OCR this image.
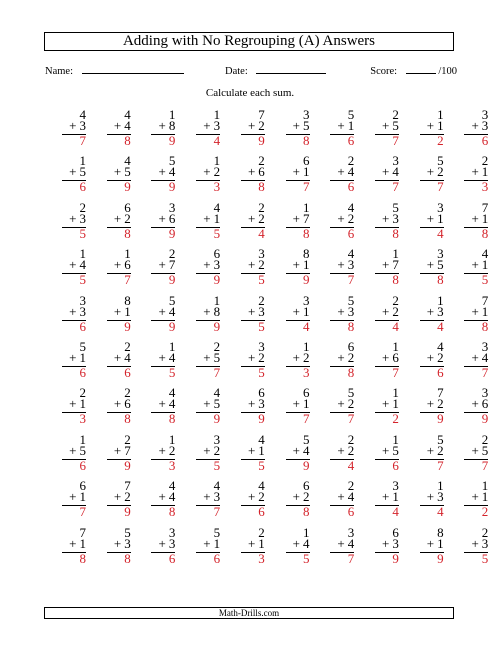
Adding with No Regrouping (A) Answers
Name:	Date:	Score:	/100
Calculate each sum.
4
+ 3
7
4
+ 4
8
1
+ 8
9
1
+ 3
4
7
+ 2
9
3
+ 5
8
5
+ 1
6
2
+ 5
7
1
+ 1
2
3
+ 3
6
1
+ 5
6
4
+ 5
9
5
+ 4
9
1
+ 2
3
2
+ 6
8
6
+ 1
7
2
+ 4
6
3
+ 4
7
5
+ 2
7
2
+ 1
3
2
+ 3
5
6
+ 2
8
3
+ 6
9
4
+ 1
5
2
+ 2
4
1
+ 7
8
4
+ 2
6
5
+ 3
8
3
+ 1
4
7
+ 1
8
1
+ 4
5
1
+ 6
7
2
+ 7
9
6
+ 3
9
3
+ 2
5
8
+ 1
9
4
+ 3
7
1
+ 7
8
3
+ 5
8
4
+ 1
5
3
+ 3
6
8
+ 1
9
5
+ 4
9
1
+ 8
9
2
+ 3
5
3
+ 1
4
5
+ 3
8
2
+ 2
4
1
+ 3
4
7
+ 1
8
5
+ 1
6
2
+ 4
6
1
+ 4
5
2
+ 5
7
3
+ 2
5
1
+ 2
3
6
+ 2
8
1
+ 6
7
4
+ 2
6
3
+ 4
7
2
+ 1
3
2
+ 6
8
4
+ 4
8
4
+ 5
9
6
+ 3
9
6
+ 1
7
5
+ 2
7
1
+ 1
2
7
+ 2
9
3
+ 6
9
1
+ 5
6
2
+ 7
9
1
+ 2
3
3
+ 2
5
4
+ 1
5
5
+ 4
9
2
+ 2
4
1
+ 5
6
5
+ 2
7
2
+ 5
7
6
+ 1
7
7
+ 2
9
4
+ 4
8
4
+ 3
7
4
+ 2
6
6
+ 2
8
2
+ 4
6
3
+ 1
4
1
+ 3
4
1
+ 1
2
7
+ 1
8
5
+ 3
8
3
+ 3
6
5
+ 1
6
2
+ 1
3
1
+ 4
5
3
+ 4
7
6
+ 3
9
8
+ 1
9
2
+ 3
5
Math-Drills.com
